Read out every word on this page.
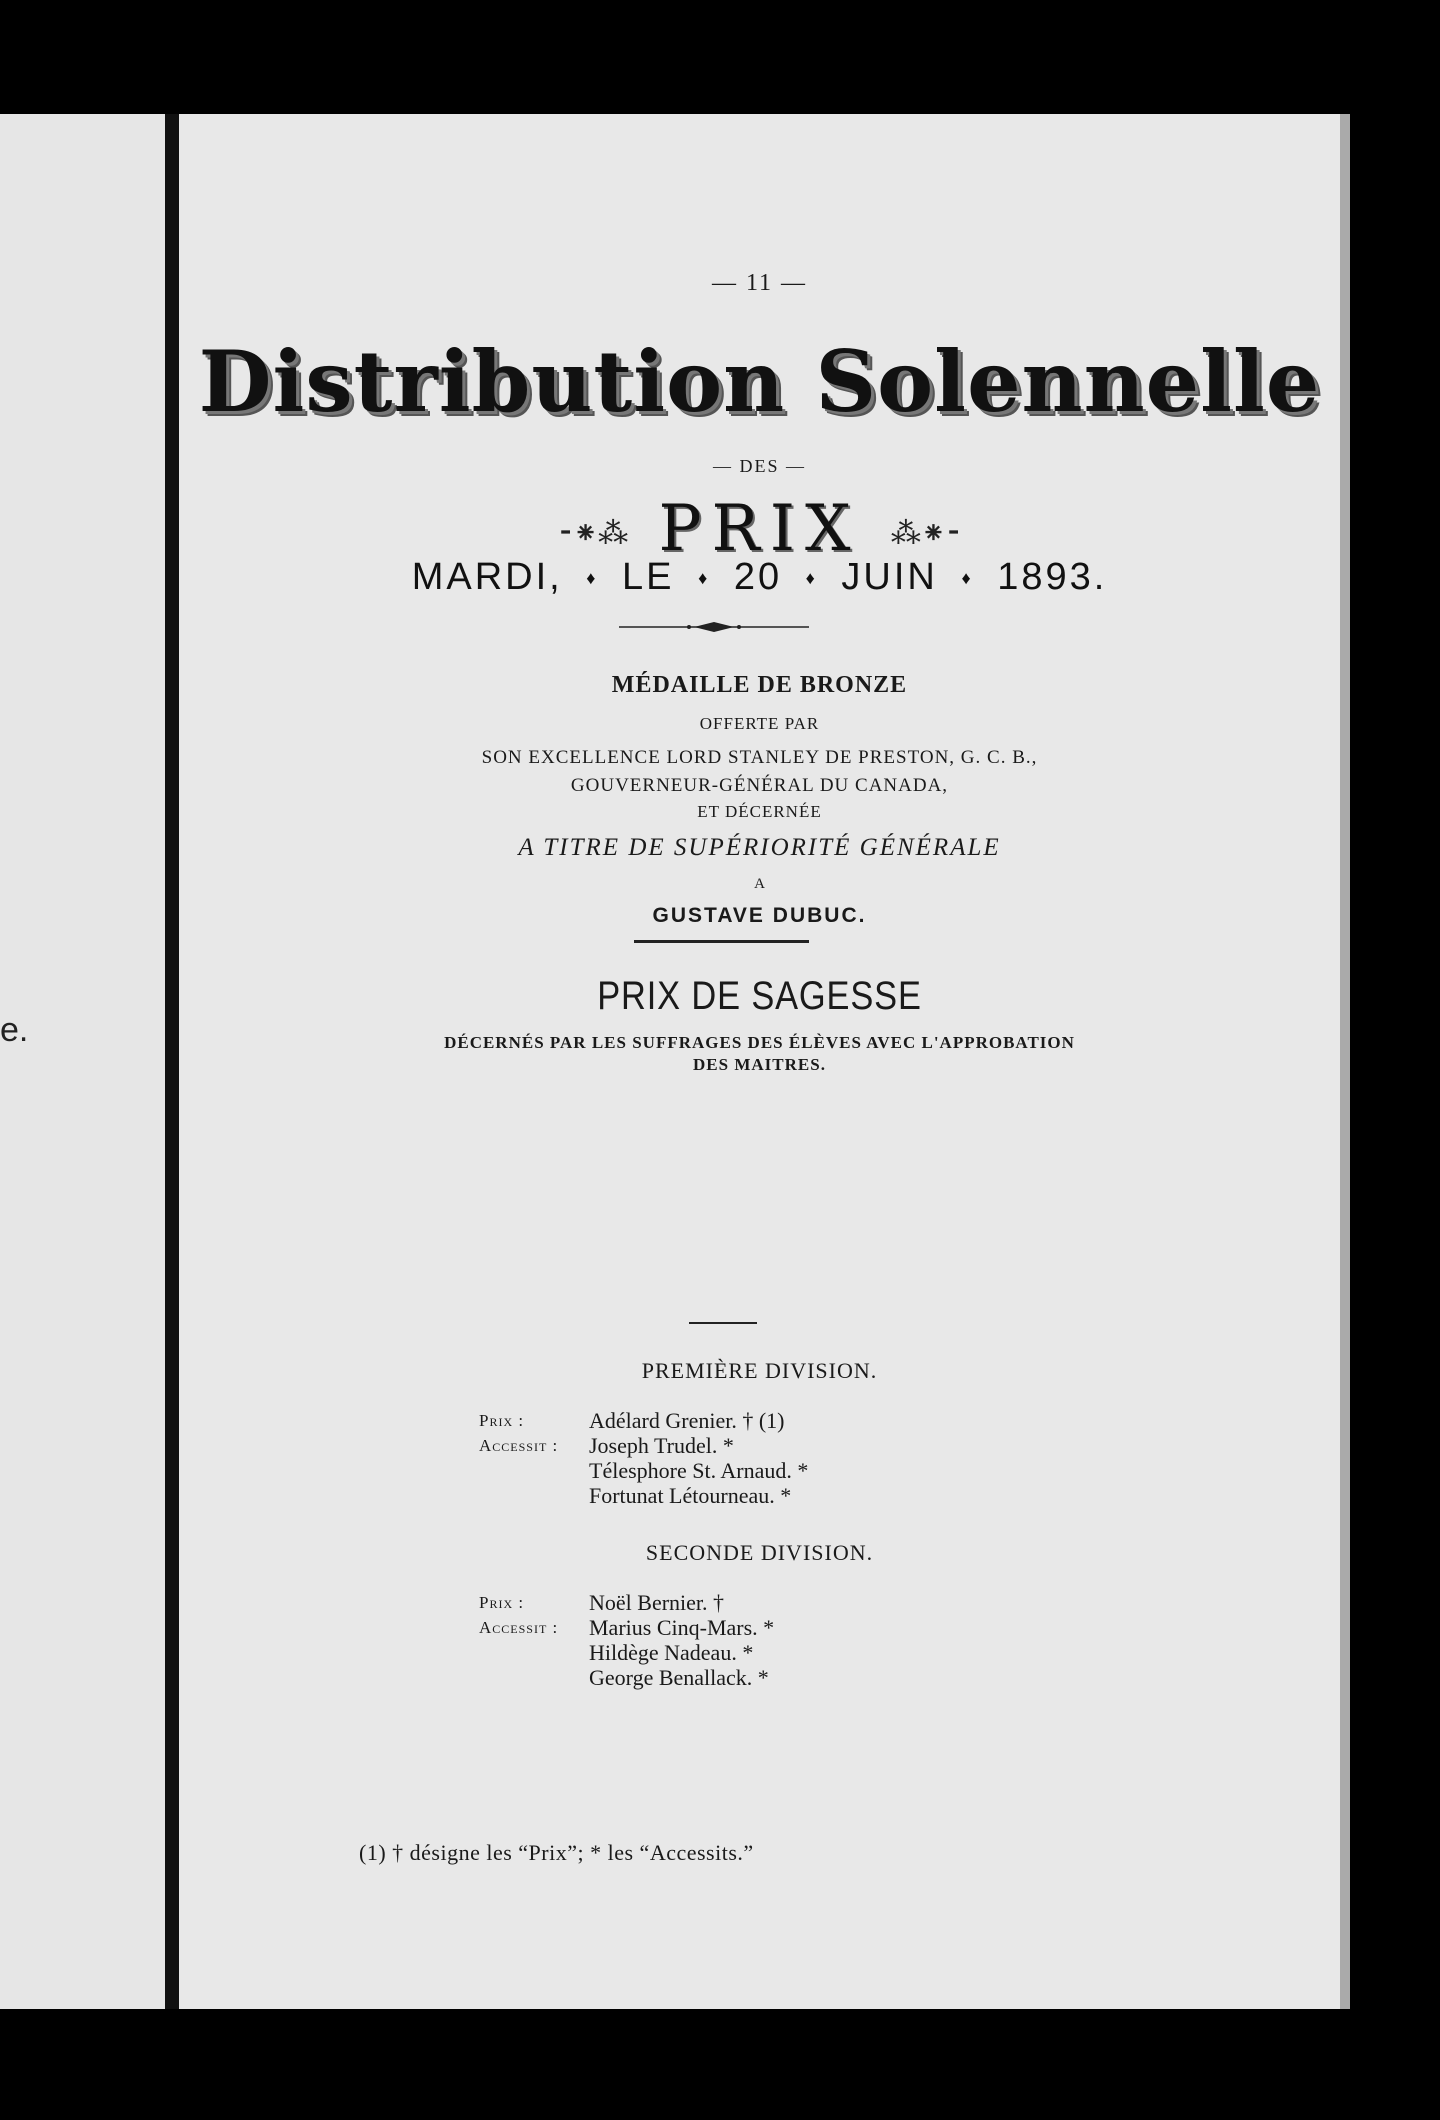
e.
— 11 —
Distribution Solennelle
— DES —
⁃⁕⁂ PRIX ⁂⁕⁃
MARDI, ♦ LE ♦ 20 ♦ JUIN ♦ 1893.
MÉDAILLE DE BRONZE
OFFERTE PAR
SON EXCELLENCE LORD STANLEY DE PRESTON, G. C. B.,
GOUVERNEUR-GÉNÉRAL DU CANADA,
ET DÉCERNÉE
A TITRE DE SUPÉRIORITÉ GÉNÉRALE
A
GUSTAVE DUBUC.
PRIX DE SAGESSE
DÉCERNÉS PAR LES SUFFRAGES DES ÉLÈVES AVEC L'APPROBATION
DES MAITRES.
PREMIÈRE DIVISION.
Prix :	Adélard Grenier. † (1)
Accessit :	Joseph Trudel. *
Télesphore St. Arnaud. *
Fortunat Létourneau. *
SECONDE DIVISION.
Prix :	Noël Bernier. †
Accessit :	Marius Cinq-Mars. *
Hildège Nadeau. *
George Benallack. *
(1) † désigne les “Prix”; * les “Accessits.”
